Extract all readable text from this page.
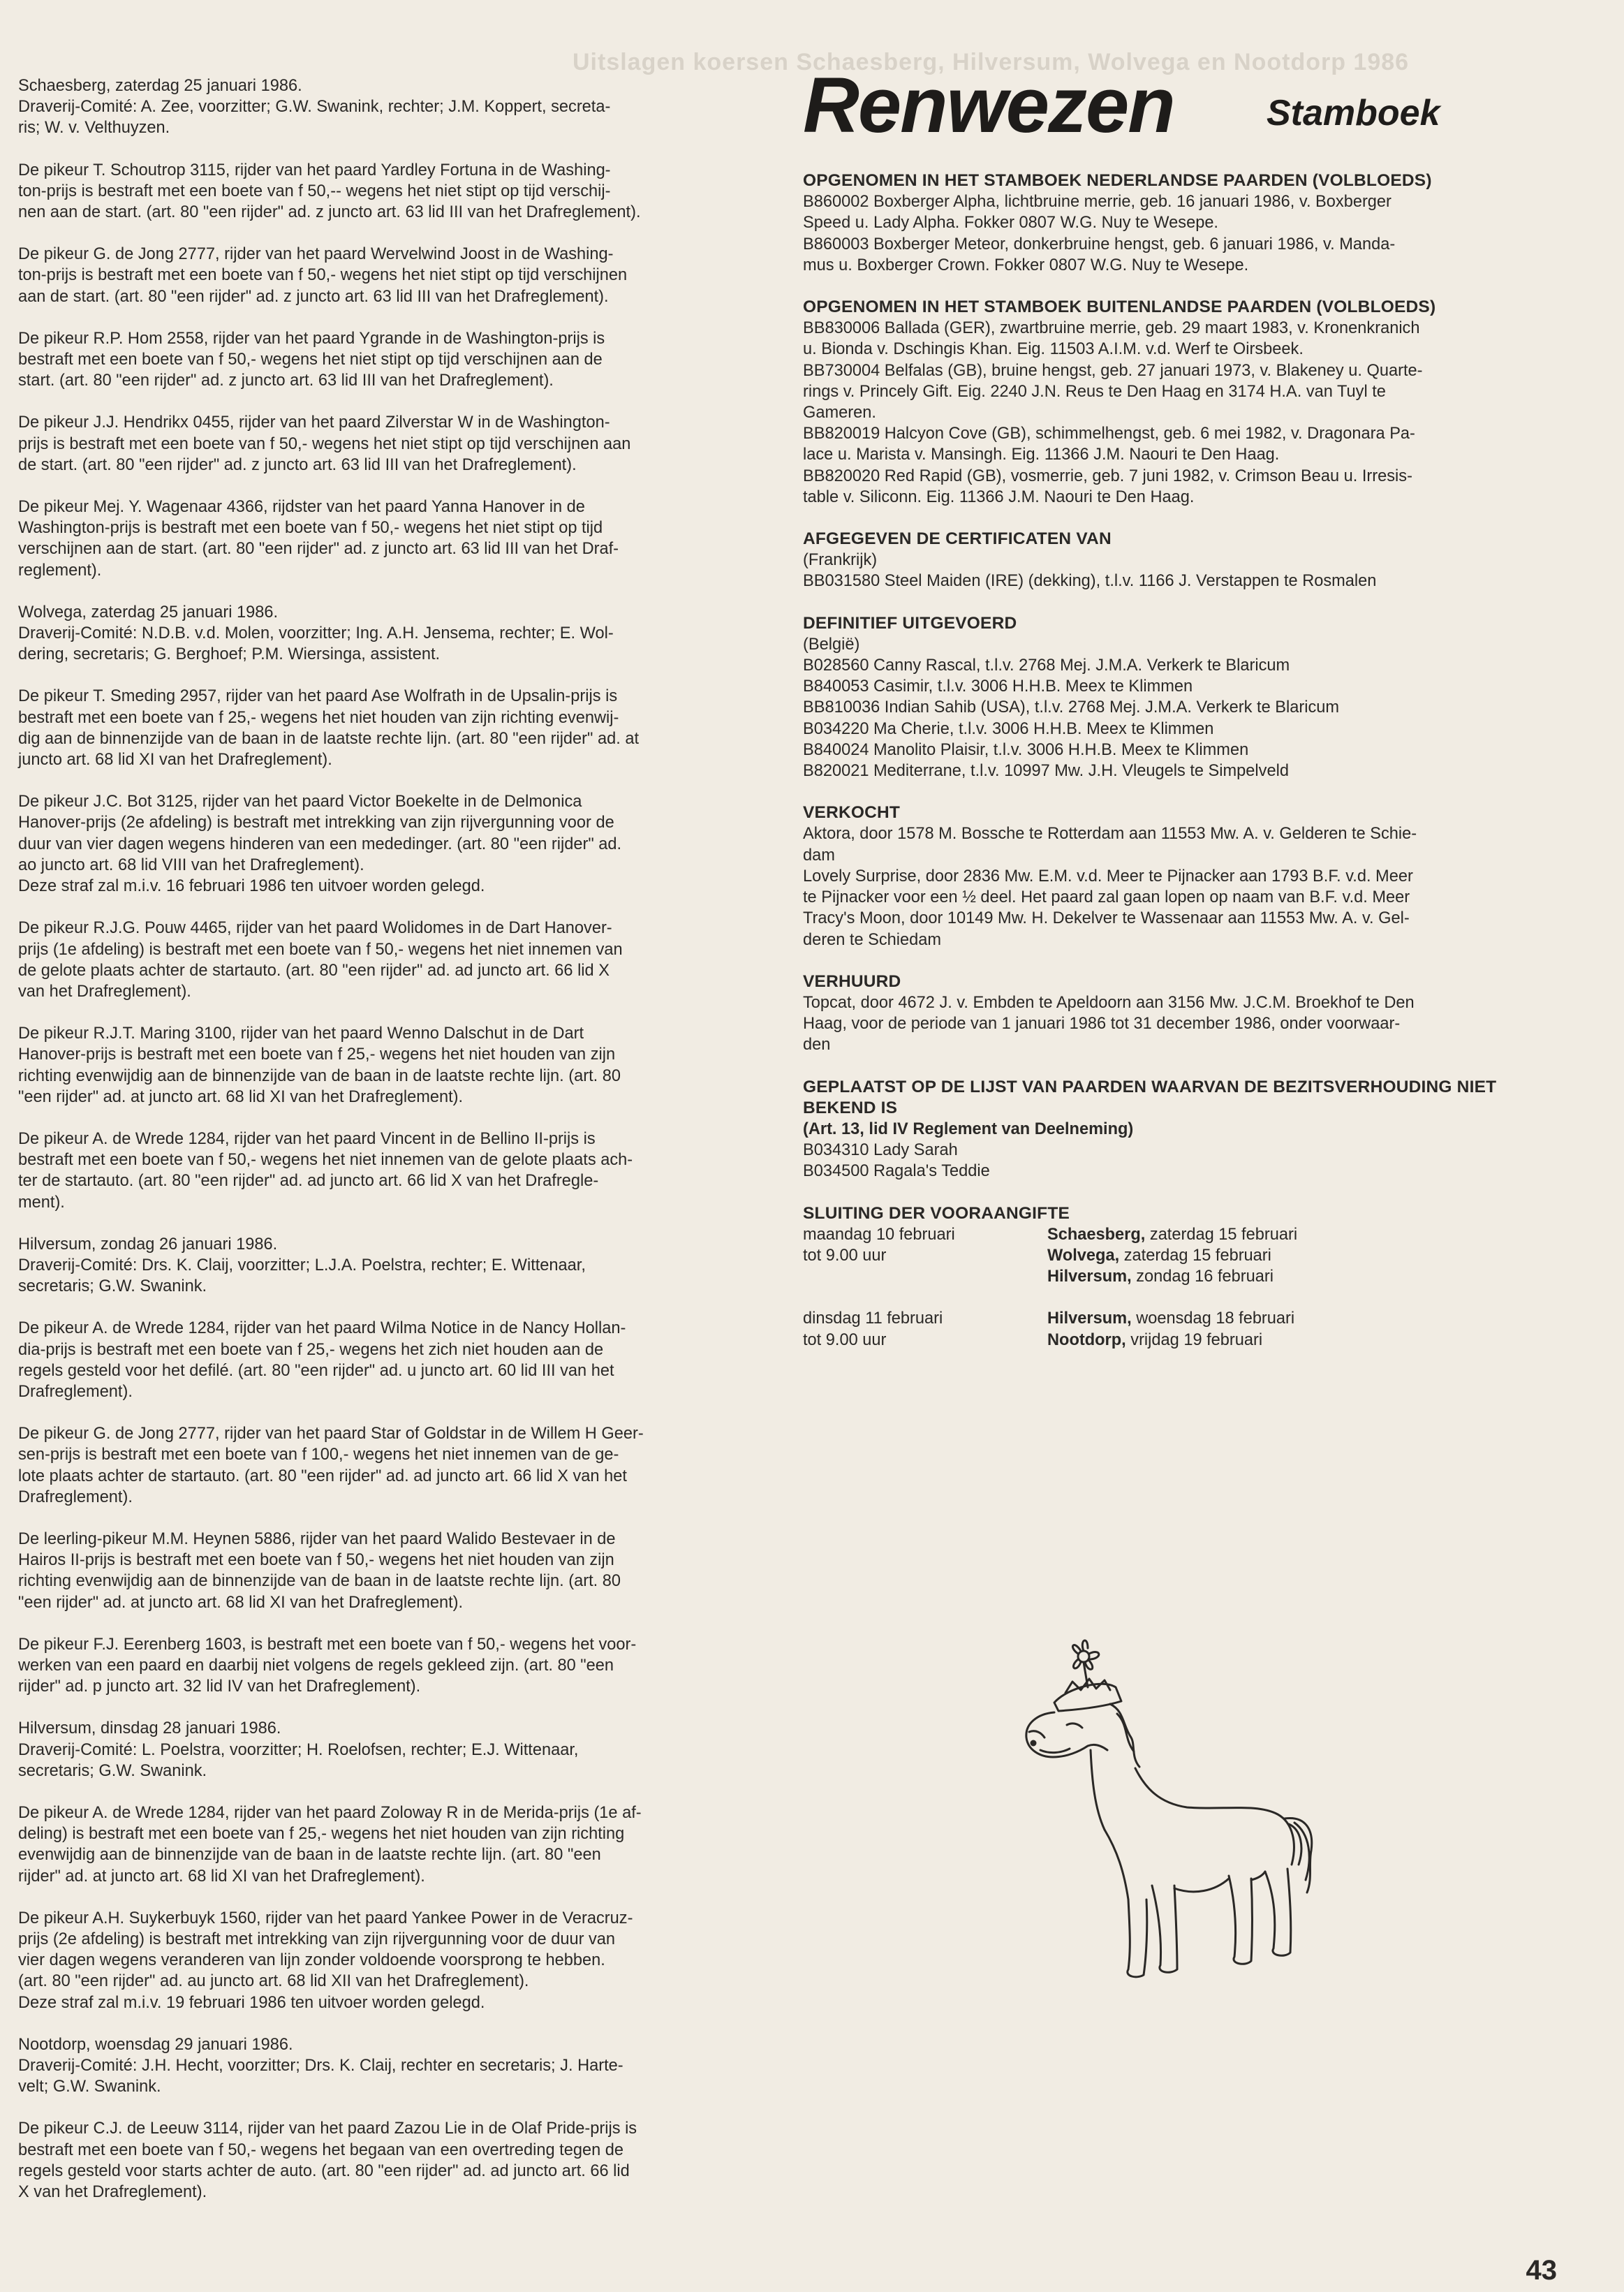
Uitslagen koersen Schaesberg, Hilversum, Wolvega en Nootdorp 1986

Schaesberg, zaterdag 25 januari 1986.
Draverij-Comité: A. Zee, voorzitter; G.W. Swanink, rechter; J.M. Koppert, secreta-
ris; W. v. Velthuyzen.

De pikeur T. Schoutrop 3115, rijder van het paard Yardley Fortuna in de Washing-
ton-prijs is bestraft met een boete van f 50,-- wegens het niet stipt op tijd verschij-
nen aan de start. (art. 80 "een rijder" ad. z juncto art. 63 lid III van het Drafreglement).

De pikeur G. de Jong 2777, rijder van het paard Wervelwind Joost in de Washing-
ton-prijs is bestraft met een boete van f 50,- wegens het niet stipt op tijd verschijnen
aan de start. (art. 80 "een rijder" ad. z juncto art. 63 lid III van het Drafreglement).

De pikeur R.P. Hom 2558, rijder van het paard Ygrande in de Washington-prijs is
bestraft met een boete van f 50,- wegens het niet stipt op tijd verschijnen aan de
start. (art. 80 "een rijder" ad. z juncto art. 63 lid III van het Drafreglement).

De pikeur J.J. Hendrikx 0455, rijder van het paard Zilverstar W in de Washington-
prijs is bestraft met een boete van f 50,- wegens het niet stipt op tijd verschijnen aan
de start. (art. 80 "een rijder" ad. z juncto art. 63 lid III van het Drafreglement).

De pikeur Mej. Y. Wagenaar 4366, rijdster van het paard Yanna Hanover in de
Washington-prijs is bestraft met een boete van f 50,- wegens het niet stipt op tijd
verschijnen aan de start. (art. 80 "een rijder" ad. z juncto art. 63 lid III van het Draf-
reglement).

Wolvega, zaterdag 25 januari 1986.
Draverij-Comité: N.D.B. v.d. Molen, voorzitter; Ing. A.H. Jensema, rechter; E. Wol-
dering, secretaris; G. Berghoef; P.M. Wiersinga, assistent.

De pikeur T. Smeding 2957, rijder van het paard Ase Wolfrath in de Upsalin-prijs is
bestraft met een boete van f 25,- wegens het niet houden van zijn richting evenwij-
dig aan de binnenzijde van de baan in de laatste rechte lijn. (art. 80 "een rijder" ad. at
juncto art. 68 lid XI van het Drafreglement).

De pikeur J.C. Bot 3125, rijder van het paard Victor Boekelte in de Delmonica
Hanover-prijs (2e afdeling) is bestraft met intrekking van zijn rijvergunning voor de
duur van vier dagen wegens hinderen van een mededinger. (art. 80 "een rijder" ad.
ao juncto art. 68 lid VIII van het Drafreglement).
Deze straf zal m.i.v. 16 februari 1986 ten uitvoer worden gelegd.

De pikeur R.J.G. Pouw 4465, rijder van het paard Wolidomes in de Dart Hanover-
prijs (1e afdeling) is bestraft met een boete van f 50,- wegens het niet innemen van
de gelote plaats achter de startauto. (art. 80 "een rijder" ad. ad juncto art. 66 lid X
van het Drafreglement).

De pikeur R.J.T. Maring 3100, rijder van het paard Wenno Dalschut in de Dart
Hanover-prijs is bestraft met een boete van f 25,- wegens het niet houden van zijn
richting evenwijdig aan de binnenzijde van de baan in de laatste rechte lijn. (art. 80
"een rijder" ad. at juncto art. 68 lid XI van het Drafreglement).

De pikeur A. de Wrede 1284, rijder van het paard Vincent in de Bellino II-prijs is
bestraft met een boete van f 50,- wegens het niet innemen van de gelote plaats ach-
ter de startauto. (art. 80 "een rijder" ad. ad juncto art. 66 lid X van het Drafregle-
ment).

Hilversum, zondag 26 januari 1986.
Draverij-Comité: Drs. K. Claij, voorzitter; L.J.A. Poelstra, rechter; E. Wittenaar,
secretaris; G.W. Swanink.

De pikeur A. de Wrede 1284, rijder van het paard Wilma Notice in de Nancy Hollan-
dia-prijs is bestraft met een boete van f 25,- wegens het zich niet houden aan de
regels gesteld voor het defilé. (art. 80 "een rijder" ad. u juncto art. 60 lid III van het
Drafreglement).

De pikeur G. de Jong 2777, rijder van het paard Star of Goldstar in de Willem H Geer-
sen-prijs is bestraft met een boete van f 100,- wegens het niet innemen van de ge-
lote plaats achter de startauto. (art. 80 "een rijder" ad. ad juncto art. 66 lid X van het
Drafreglement).

De leerling-pikeur M.M. Heynen 5886, rijder van het paard Walido Bestevaer in de
Hairos II-prijs is bestraft met een boete van f 50,- wegens het niet houden van zijn
richting evenwijdig aan de binnenzijde van de baan in de laatste rechte lijn. (art. 80
"een rijder" ad. at juncto art. 68 lid XI van het Drafreglement).

De pikeur F.J. Eerenberg 1603, is bestraft met een boete van f 50,- wegens het voor-
werken van een paard en daarbij niet volgens de regels gekleed zijn. (art. 80 "een
rijder" ad. p juncto art. 32 lid IV van het Drafreglement).

Hilversum, dinsdag 28 januari 1986.
Draverij-Comité: L. Poelstra, voorzitter; H. Roelofsen, rechter; E.J. Wittenaar,
secretaris; G.W. Swanink.

De pikeur A. de Wrede 1284, rijder van het paard Zoloway R in de Merida-prijs (1e af-
deling) is bestraft met een boete van f 25,- wegens het niet houden van zijn richting
evenwijdig aan de binnenzijde van de baan in de laatste rechte lijn. (art. 80 "een
rijder" ad. at juncto art. 68 lid XI van het Drafreglement).

De pikeur A.H. Suykerbuyk 1560, rijder van het paard Yankee Power in de Veracruz-
prijs (2e afdeling) is bestraft met intrekking van zijn rijvergunning voor de duur van
vier dagen wegens veranderen van lijn zonder voldoende voorsprong te hebben.
(art. 80 "een rijder" ad. au juncto art. 68 lid XII van het Drafreglement).
Deze straf zal m.i.v. 19 februari 1986 ten uitvoer worden gelegd.

Nootdorp, woensdag 29 januari 1986.
Draverij-Comité: J.H. Hecht, voorzitter; Drs. K. Claij, rechter en secretaris; J. Harte-
velt; G.W. Swanink.

De pikeur C.J. de Leeuw 3114, rijder van het paard Zazou Lie in de Olaf Pride-prijs is
bestraft met een boete van f 50,- wegens het begaan van een overtreding tegen de
regels gesteld voor starts achter de auto. (art. 80 "een rijder" ad. ad juncto art. 66 lid
X van het Drafreglement).

Renwezen	Stamboek
OPGENOMEN IN HET STAMBOEK NEDERLANDSE PAARDEN (VOLBLOEDS)
B860002 Boxberger Alpha, lichtbruine merrie, geb. 16 januari 1986, v. Boxberger
Speed u. Lady Alpha. Fokker 0807 W.G. Nuy te Wesepe.
B860003 Boxberger Meteor, donkerbruine hengst, geb. 6 januari 1986, v. Manda-
mus u. Boxberger Crown. Fokker 0807 W.G. Nuy te Wesepe.
OPGENOMEN IN HET STAMBOEK BUITENLANDSE PAARDEN (VOLBLOEDS)
BB830006 Ballada (GER), zwartbruine merrie, geb. 29 maart 1983, v. Kronenkranich
u. Bionda v. Dschingis Khan. Eig. 11503 A.I.M. v.d. Werf te Oirsbeek.
BB730004 Belfalas (GB), bruine hengst, geb. 27 januari 1973, v. Blakeney u. Quarte-
rings v. Princely Gift. Eig. 2240 J.N. Reus te Den Haag en 3174 H.A. van Tuyl te
Gameren.
BB820019 Halcyon Cove (GB), schimmelhengst, geb. 6 mei 1982, v. Dragonara Pa-
lace u. Marista v. Mansingh. Eig. 11366 J.M. Naouri te Den Haag.
BB820020 Red Rapid (GB), vosmerrie, geb. 7 juni 1982, v. Crimson Beau u. Irresis-
table v. Siliconn. Eig. 11366 J.M. Naouri te Den Haag.
AFGEGEVEN DE CERTIFICATEN VAN
(Frankrijk)
BB031580 Steel Maiden (IRE) (dekking), t.l.v. 1166 J. Verstappen te Rosmalen
DEFINITIEF UITGEVOERD
(België)
B028560 Canny Rascal, t.l.v. 2768 Mej. J.M.A. Verkerk te Blaricum
B840053 Casimir, t.l.v. 3006 H.H.B. Meex te Klimmen
BB810036 Indian Sahib (USA), t.l.v. 2768 Mej. J.M.A. Verkerk te Blaricum
B034220 Ma Cherie, t.l.v. 3006 H.H.B. Meex te Klimmen
B840024 Manolito Plaisir, t.l.v. 3006 H.H.B. Meex te Klimmen
B820021 Mediterrane, t.l.v. 10997 Mw. J.H. Vleugels te Simpelveld
VERKOCHT
Aktora, door 1578 M. Bossche te Rotterdam aan 11553 Mw. A. v. Gelderen te Schie-
dam
Lovely Surprise, door 2836 Mw. E.M. v.d. Meer te Pijnacker aan 1793 B.F. v.d. Meer
te Pijnacker voor een ½ deel. Het paard zal gaan lopen op naam van B.F. v.d. Meer
Tracy's Moon, door 10149 Mw. H. Dekelver te Wassenaar aan 11553 Mw. A. v. Gel-
deren te Schiedam
VERHUURD
Topcat, door 4672 J. v. Embden te Apeldoorn aan 3156 Mw. J.C.M. Broekhof te Den
Haag, voor de periode van 1 januari 1986 tot 31 december 1986, onder voorwaar-
den
GEPLAATST OP DE LIJST VAN PAARDEN WAARVAN DE BEZITSVERHOUDING NIET BEKEND IS
(Art. 13, lid IV Reglement van Deelneming)
B034310 Lady Sarah
B034500 Ragala's Teddie
SLUITING DER VOORAANGIFTE
maandag 10 februari	Schaesberg, zaterdag 15 februari
tot 9.00 uur	Wolvega, zaterdag 15 februari
	Hilversum, zondag 16 februari

dinsdag 11 februari	Hilversum, woensdag 18 februari
tot 9.00 uur	Nootdorp, vrijdag 19 februari
43
